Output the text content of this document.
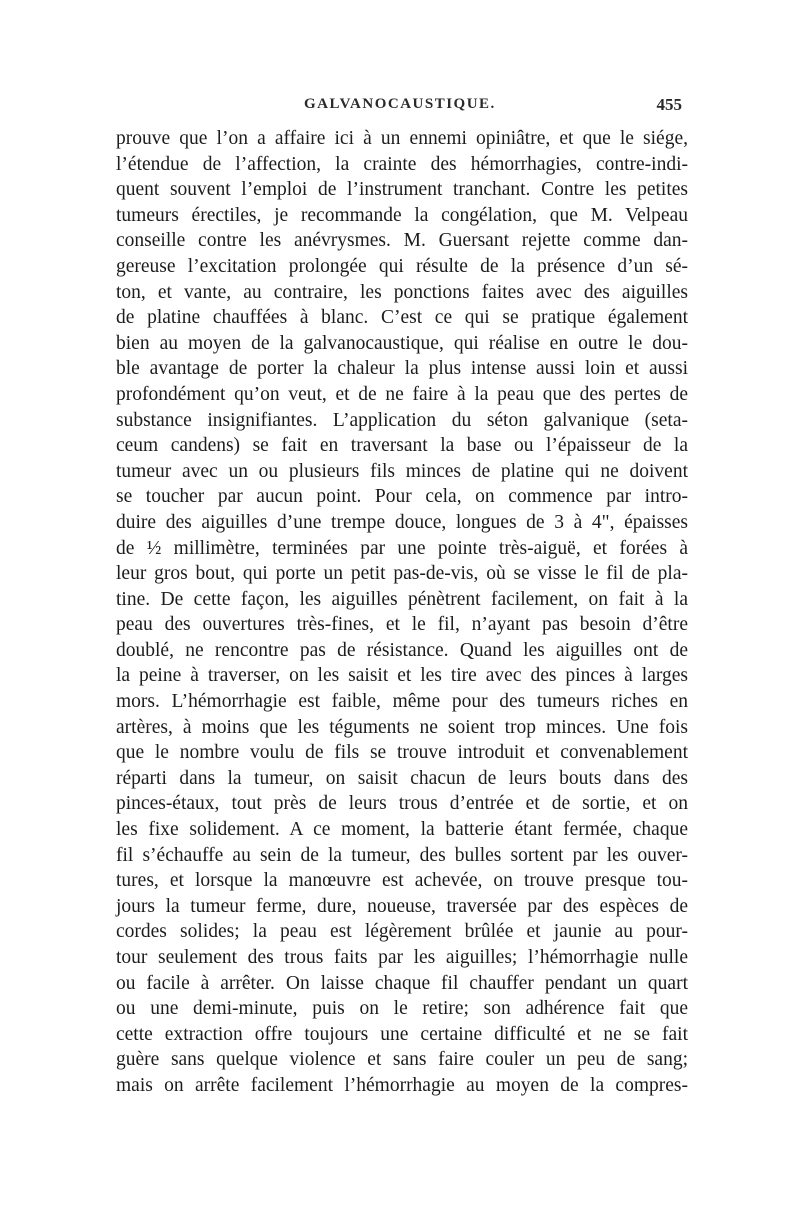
GALVANOCAUSTIQUE.	455
prouve que l’on a affaire ici à un ennemi opiniâtre, et que le siége,
l’étendue de l’affection, la crainte des hémorrhagies, contre-indi-
quent souvent l’emploi de l’instrument tranchant. Contre les petites
tumeurs érectiles, je recommande la congélation, que M. Velpeau
conseille contre les anévrysmes. M. Guersant rejette comme dan-
gereuse l’excitation prolongée qui résulte de la présence d’un sé-
ton, et vante, au contraire, les ponctions faites avec des aiguilles
de platine chauffées à blanc. C’est ce qui se pratique également
bien au moyen de la galvanocaustique, qui réalise en outre le dou-
ble avantage de porter la chaleur la plus intense aussi loin et aussi
profondément qu’on veut, et de ne faire à la peau que des pertes de
substance insignifiantes. L’application du séton galvanique (seta-
ceum candens) se fait en traversant la base ou l’épaisseur de la
tumeur avec un ou plusieurs fils minces de platine qui ne doivent
se toucher par aucun point. Pour cela, on commence par intro-
duire des aiguilles d’une trempe douce, longues de 3 à 4", épaisses
de ½ millimètre, terminées par une pointe très-aiguë, et forées à
leur gros bout, qui porte un petit pas-de-vis, où se visse le fil de pla-
tine. De cette façon, les aiguilles pénètrent facilement, on fait à la
peau des ouvertures très-fines, et le fil, n’ayant pas besoin d’être
doublé, ne rencontre pas de résistance. Quand les aiguilles ont de
la peine à traverser, on les saisit et les tire avec des pinces à larges
mors. L’hémorrhagie est faible, même pour des tumeurs riches en
artères, à moins que les téguments ne soient trop minces. Une fois
que le nombre voulu de fils se trouve introduit et convenablement
réparti dans la tumeur, on saisit chacun de leurs bouts dans des
pinces-étaux, tout près de leurs trous d’entrée et de sortie, et on
les fixe solidement. A ce moment, la batterie étant fermée, chaque
fil s’échauffe au sein de la tumeur, des bulles sortent par les ouver-
tures, et lorsque la manœuvre est achevée, on trouve presque tou-
jours la tumeur ferme, dure, noueuse, traversée par des espèces de
cordes solides; la peau est légèrement brûlée et jaunie au pour-
tour seulement des trous faits par les aiguilles; l’hémorrhagie nulle
ou facile à arrêter. On laisse chaque fil chauffer pendant un quart
ou une demi-minute, puis on le retire; son adhérence fait que
cette extraction offre toujours une certaine difficulté et ne se fait
guère sans quelque violence et sans faire couler un peu de sang;
mais on arrête facilement l’hémorrhagie au moyen de la compres-
